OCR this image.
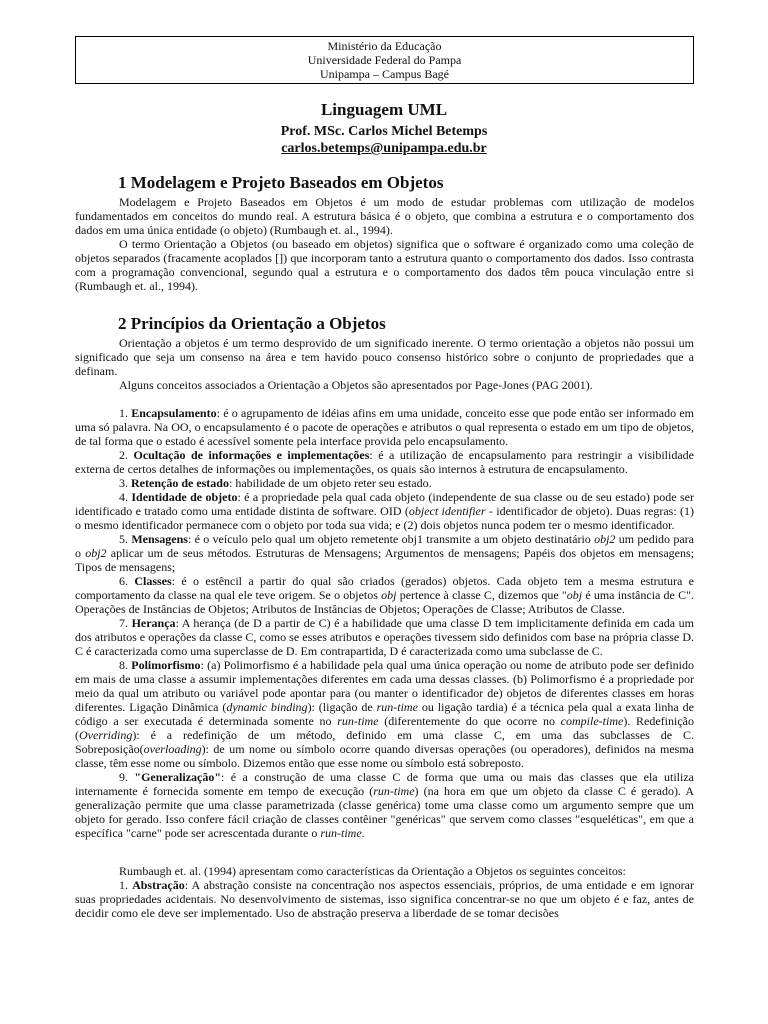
Ministério da Educação
Universidade Federal do Pampa
Unipampa – Campus Bagé
Linguagem UML
Prof. MSc. Carlos Michel Betemps
carlos.betemps@unipampa.edu.br
1 Modelagem e Projeto Baseados em Objetos

Modelagem e Projeto Baseados em Objetos é um modo de estudar problemas com utilização de modelos fundamentados em conceitos do mundo real. A estrutura básica é o objeto, que combina a estrutura e o comportamento dos dados em uma única entidade (o objeto) (Rumbaugh et. al., 1994).

O termo Orientação a Objetos (ou baseado em objetos) significa que o software é organizado como uma coleção de objetos separados (fracamente acoplados []) que incorporam tanto a estrutura quanto o comportamento dos dados. Isso contrasta com a programação convencional, segundo qual a estrutura e o comportamento dos dados têm pouca vinculação entre si (Rumbaugh et. al., 1994).

2 Princípios da Orientação a Objetos

Orientação a objetos é um termo desprovido de um significado inerente. O termo orientação a objetos não possui um significado que seja um consenso na área e tem havido pouco consenso histórico sobre o conjunto de propriedades que a definam.

Alguns conceitos associados a Orientação a Objetos são apresentados por Page-Jones (PAG 2001).

1. Encapsulamento: é o agrupamento de idéias afins em uma unidade, conceito esse que pode então ser informado em uma só palavra. Na OO, o encapsulamento é o pacote de operações e atributos o qual representa o estado em um tipo de objetos, de tal forma que o estado é acessível somente pela interface provida pelo encapsulamento.

2. Ocultação de informações e implementações: é a utilização de encapsulamento para restringir a visibilidade externa de certos detalhes de informações ou implementações, os quais são internos à estrutura de encapsulamento.

3. Retenção de estado: habilidade de um objeto reter seu estado.

4. Identidade de objeto: é a propriedade pela qual cada objeto (independente de sua classe ou de seu estado) pode ser identificado e tratado como uma entidade distinta de software. OID (object identifier - identificador de objeto). Duas regras: (1) o mesmo identificador permanece com o objeto por toda sua vida; e (2) dois objetos nunca podem ter o mesmo identificador.

5. Mensagens: é o veículo pelo qual um objeto remetente obj1 transmite a um objeto destinatário obj2 um pedido para o obj2 aplicar um de seus métodos. Estruturas de Mensagens; Argumentos de mensagens; Papéis dos objetos em mensagens; Tipos de mensagens;

6. Classes: é o estêncil a partir do qual são criados (gerados) objetos. Cada objeto tem a mesma estrutura e comportamento da classe na qual ele teve origem. Se o objetos obj pertence à classe C, dizemos que "obj é uma instância de C". Operações de Instâncias de Objetos; Atributos de Instâncias de Objetos; Operações de Classe; Atributos de Classe.

7. Herança: A herança (de D a partir de C) é a habilidade que uma classe D tem implicitamente definida em cada um dos atributos e operações da classe C, como se esses atributos e operações tivessem sido definidos com base na própria classe D. C é caracterizada como uma superclasse de D. Em contrapartida, D é caracterizada como uma subclasse de C.

8. Polimorfismo: (a) Polimorfismo é a habilidade pela qual uma única operação ou nome de atributo pode ser definido em mais de uma classe a assumir implementações diferentes em cada uma dessas classes. (b) Polimorfismo é a propriedade por meio da qual um atributo ou variável pode apontar para (ou manter o identificador de) objetos de diferentes classes em horas diferentes. Ligação Dinâmica (dynamic binding): (ligação de run-time ou ligação tardia) é a técnica pela qual a exata linha de código a ser executada é determinada somente no run-time (diferentemente do que ocorre no compile-time). Redefinição (Overriding): é a redefinição de um método, definido em uma classe C, em uma das subclasses de C. Sobreposição(overloading): de um nome ou símbolo ocorre quando diversas operações (ou operadores), definidos na mesma classe, têm esse nome ou símbolo. Dizemos então que esse nome ou símbolo está sobreposto.

9. "Generalização": é a construção de uma classe C de forma que uma ou mais das classes que ela utiliza internamente é fornecida somente em tempo de execução (run-time) (na hora em que um objeto da classe C é gerado). A generalização permite que uma classe parametrizada (classe genérica) tome uma classe como um argumento sempre que um objeto for gerado. Isso confere fácil criação de classes contêiner "genéricas" que servem como classes "esqueléticas", em que a específica "carne" pode ser acrescentada durante o run-time.

Rumbaugh et. al. (1994) apresentam como características da Orientação a Objetos os seguintes conceitos:

1. Abstração: A abstração consiste na concentração nos aspectos essenciais, próprios, de uma entidade e em ignorar suas propriedades acidentais. No desenvolvimento de sistemas, isso significa concentrar-se no que um objeto é e faz, antes de decidir como ele deve ser implementado. Uso de abstração preserva a liberdade de se tomar decisões
